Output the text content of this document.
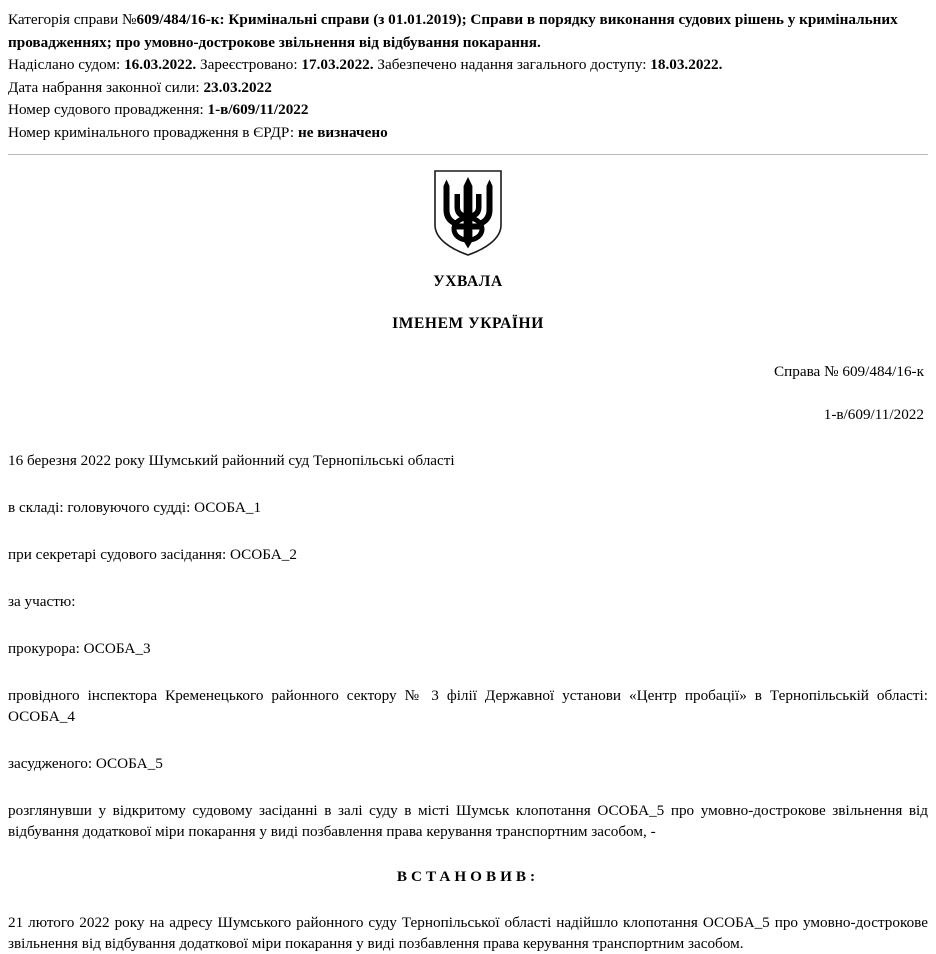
Категорія справи №609/484/16-к: Кримінальні справи (з 01.01.2019); Справи в порядку виконання судових рішень у кримінальних провадженнях; про умовно-дострокове звільнення від відбування покарання.

Надіслано судом: 16.03.2022. Зареєстровано: 17.03.2022. Забезпечено надання загального доступу: 18.03.2022.

Дата набрання законної сили: 23.03.2022

Номер судового провадження: 1-в/609/11/2022

Номер кримінального провадження в ЄРДР: не визначено

УХВАЛА
ІМЕНЕМ УКРАЇНИ

Справа № 609/484/16-к

1-в/609/11/2022

16 березня 2022 року Шумський районний суд Тернопільські області

в складі: головуючого судді: ОСОБА_1

при секретарі судового засідання: ОСОБА_2

за участю:

прокурора: ОСОБА_3

провідного інспектора Кременецького районного сектору № 3 філії Державної установи «Центр пробації» в Тернопільській області: ОСОБА_4

засудженого: ОСОБА_5

розглянувши у відкритому судовому засіданні в залі суду в місті Шумськ клопотання ОСОБА_5 про умовно-дострокове звільнення від відбування додаткової міри покарання у виді позбавлення права керування транспортним засобом, -

ВСТАНОВИВ:

21 лютого 2022 року на адресу Шумського районного суду Тернопільської області надійшло клопотання ОСОБА_5 про умовно-дострокове звільнення від відбування додаткової міри покарання у виді позбавлення права керування транспортним засобом.
